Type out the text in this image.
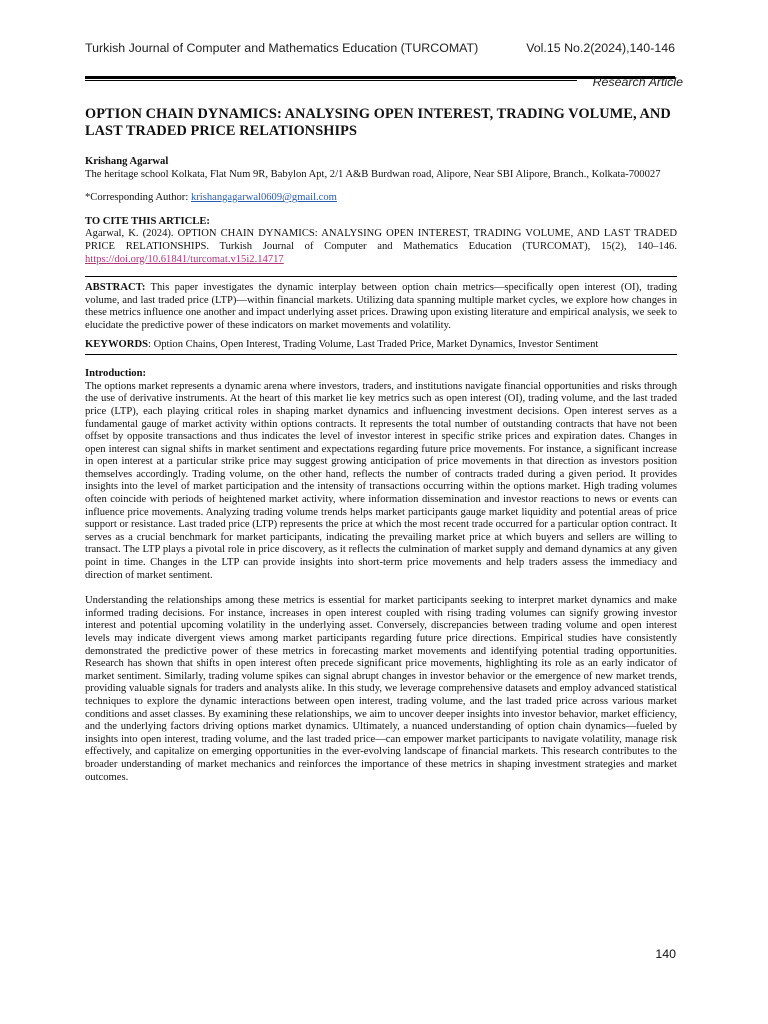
Turkish Journal of Computer and Mathematics Education (TURCOMAT)	Vol.15 No.2(2024),140-146
Research Article
OPTION CHAIN DYNAMICS: ANALYSING OPEN INTEREST, TRADING VOLUME, AND LAST TRADED PRICE RELATIONSHIPS

Krishang Agarwal

The heritage school Kolkata, Flat Num 9R, Babylon Apt, 2/1 A&B Burdwan road, Alipore, Near SBI Alipore, Branch., Kolkata-700027

*Corresponding Author: krishangagarwal0609@gmail.com

TO CITE THIS ARTICLE:

Agarwal, K. (2024). OPTION CHAIN DYNAMICS: ANALYSING OPEN INTEREST, TRADING VOLUME, AND LAST TRADED PRICE RELATIONSHIPS. Turkish Journal of Computer and Mathematics Education (TURCOMAT), 15(2), 140–146. https://doi.org/10.61841/turcomat.v15i2.14717

ABSTRACT: This paper investigates the dynamic interplay between option chain metrics—specifically open interest (OI), trading volume, and last traded price (LTP)—within financial markets. Utilizing data spanning multiple market cycles, we explore how changes in these metrics influence one another and impact underlying asset prices. Drawing upon existing literature and empirical analysis, we seek to elucidate the predictive power of these indicators on market movements and volatility.

KEYWORDS: Option Chains, Open Interest, Trading Volume, Last Traded Price, Market Dynamics, Investor Sentiment

Introduction:

The options market represents a dynamic arena where investors, traders, and institutions navigate financial opportunities and risks through the use of derivative instruments. At the heart of this market lie key metrics such as open interest (OI), trading volume, and the last traded price (LTP), each playing critical roles in shaping market dynamics and influencing investment decisions. Open interest serves as a fundamental gauge of market activity within options contracts. It represents the total number of outstanding contracts that have not been offset by opposite transactions and thus indicates the level of investor interest in specific strike prices and expiration dates. Changes in open interest can signal shifts in market sentiment and expectations regarding future price movements. For instance, a significant increase in open interest at a particular strike price may suggest growing anticipation of price movements in that direction as investors position themselves accordingly. Trading volume, on the other hand, reflects the number of contracts traded during a given period. It provides insights into the level of market participation and the intensity of transactions occurring within the options market. High trading volumes often coincide with periods of heightened market activity, where information dissemination and investor reactions to news or events can influence price movements. Analyzing trading volume trends helps market participants gauge market liquidity and potential areas of price support or resistance. Last traded price (LTP) represents the price at which the most recent trade occurred for a particular option contract. It serves as a crucial benchmark for market participants, indicating the prevailing market price at which buyers and sellers are willing to transact. The LTP plays a pivotal role in price discovery, as it reflects the culmination of market supply and demand dynamics at any given point in time. Changes in the LTP can provide insights into short-term price movements and help traders assess the immediacy and direction of market sentiment.

Understanding the relationships among these metrics is essential for market participants seeking to interpret market dynamics and make informed trading decisions. For instance, increases in open interest coupled with rising trading volumes can signify growing investor interest and potential upcoming volatility in the underlying asset. Conversely, discrepancies between trading volume and open interest levels may indicate divergent views among market participants regarding future price directions. Empirical studies have consistently demonstrated the predictive power of these metrics in forecasting market movements and identifying potential trading opportunities. Research has shown that shifts in open interest often precede significant price movements, highlighting its role as an early indicator of market sentiment. Similarly, trading volume spikes can signal abrupt changes in investor behavior or the emergence of new market trends, providing valuable signals for traders and analysts alike. In this study, we leverage comprehensive datasets and employ advanced statistical techniques to explore the dynamic interactions between open interest, trading volume, and the last traded price across various market conditions and asset classes. By examining these relationships, we aim to uncover deeper insights into investor behavior, market efficiency, and the underlying factors driving options market dynamics. Ultimately, a nuanced understanding of option chain dynamics—fueled by insights into open interest, trading volume, and the last traded price—can empower market participants to navigate volatility, manage risk effectively, and capitalize on emerging opportunities in the ever-evolving landscape of financial markets. This research contributes to the broader understanding of market mechanics and reinforces the importance of these metrics in shaping investment strategies and market outcomes.

140
